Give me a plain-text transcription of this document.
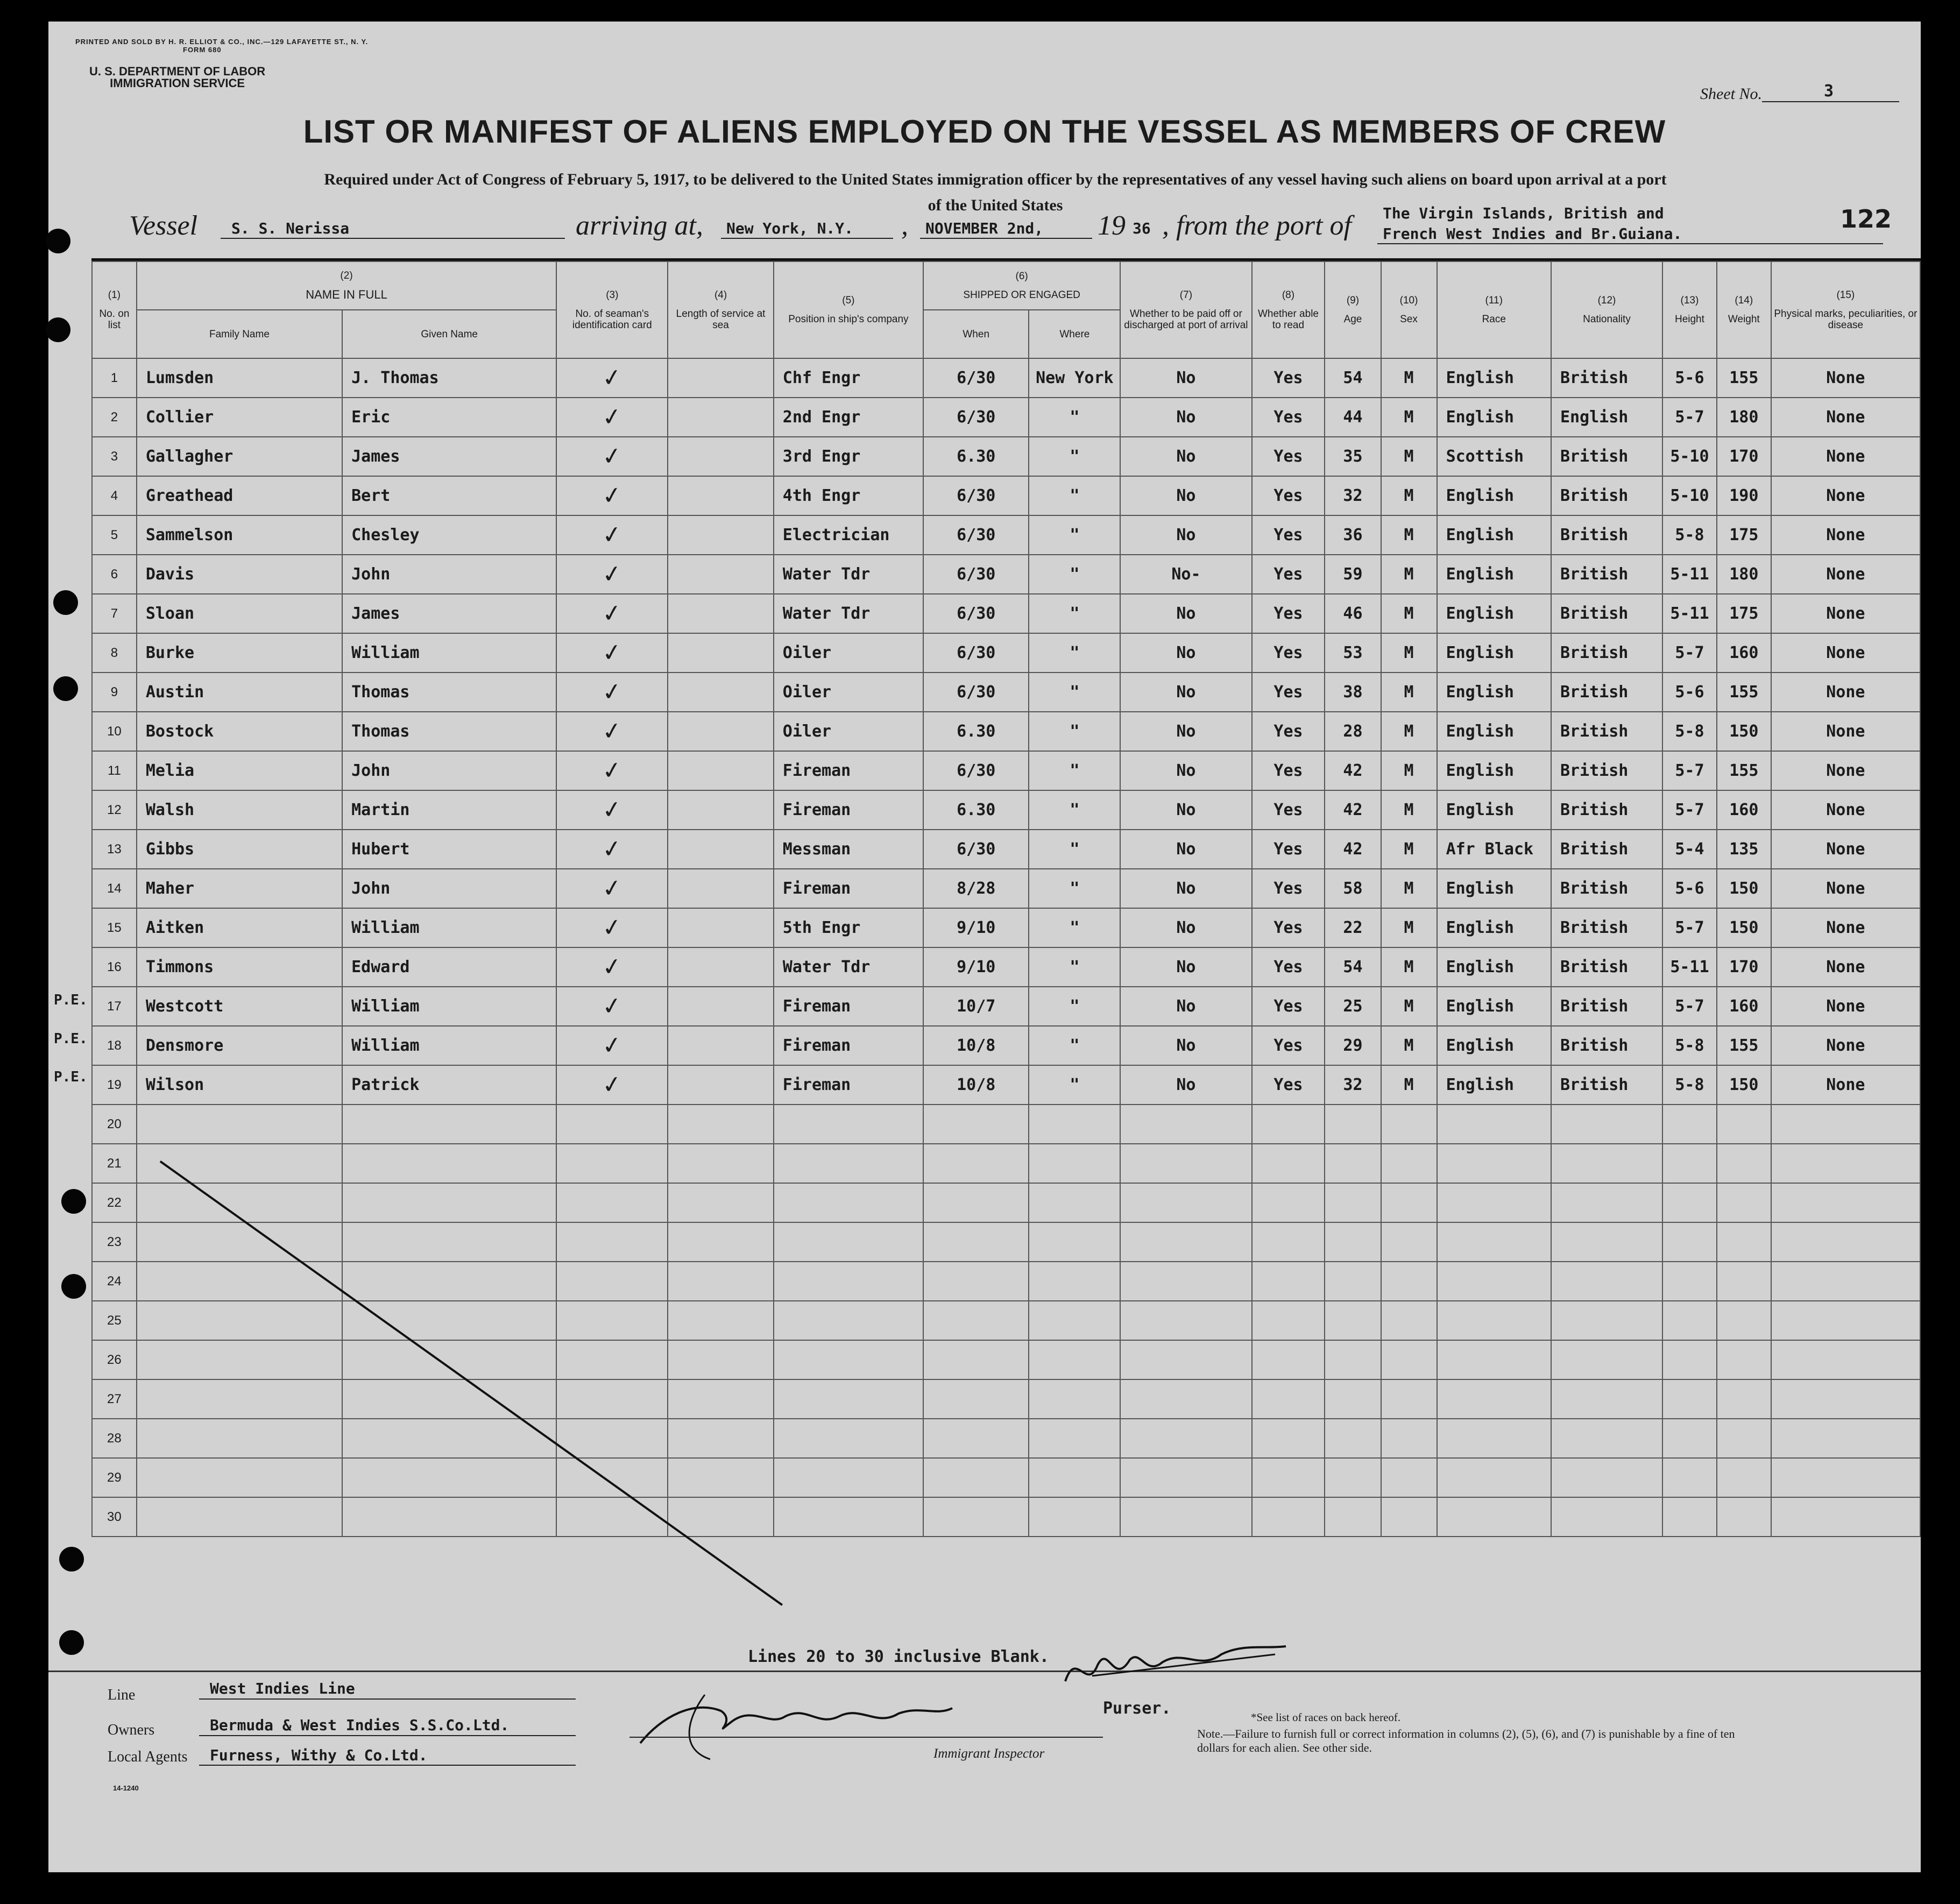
PRINTED AND SOLD BY H. R. ELLIOT & CO., INC.—129 LAFAYETTE ST., N. Y.
FORM 680
U. S. DEPARTMENT OF LABOR
IMMIGRATION SERVICE
Sheet No.	3
LIST OR MANIFEST OF ALIENS EMPLOYED ON THE VESSEL AS MEMBERS OF CREW
Required under Act of Congress of February 5, 1917, to be delivered to the United States immigration officer by the representatives of any vessel having such aliens on board upon arrival at a port
of the United States	122
Vessel S. S. Nerissa	arriving at, New York, N.Y. , NOVEMBER 2nd, 19 36 , from the port of The Virgin Islands, British and
French West Indies and Br.Guiana.
(1)
No. on list	(2)
NAME IN FULL		(3)
No. of seaman's identification card	(4)
Length of service at sea	(5)
Position in ship's company	(6)
SHIPPED OR ENGAGED		(7)
Whether to be paid off or discharged at port of arrival	(8)
Whether able to read	(9)
Age	(10)
Sex	(11)
Race	(12)
Nationality	(13)
Height	(14)
Weight	(15)
Physical marks, peculiarities, or disease
	Family Name	Given Name				When	Where									
1	Lumsden	J. Thomas	✓		Chf Engr	6/30	New York	No	Yes	54	M	English	British	5-6	155	None
2	Collier	Eric	✓		2nd Engr	6/30	"	No	Yes	44	M	English	English	5-7	180	None
3	Gallagher	James	✓		3rd Engr	6.30	"	No	Yes	35	M	Scottish	British	5-10	170	None
4	Greathead	Bert	✓		4th Engr	6/30	"	No	Yes	32	M	English	British	5-10	190	None
5	Sammelson	Chesley	✓		Electrician	6/30	"	No	Yes	36	M	English	British	5-8	175	None
6	Davis	John	✓		Water Tdr	6/30	"	No-	Yes	59	M	English	British	5-11	180	None
7	Sloan	James	✓		Water Tdr	6/30	"	No	Yes	46	M	English	British	5-11	175	None
8	Burke	William	✓		Oiler	6/30	"	No	Yes	53	M	English	British	5-7	160	None
9	Austin	Thomas	✓		Oiler	6/30	"	No	Yes	38	M	English	British	5-6	155	None
10	Bostock	Thomas	✓		Oiler	6.30	"	No	Yes	28	M	English	British	5-8	150	None
11	Melia	John	✓		Fireman	6/30	"	No	Yes	42	M	English	British	5-7	155	None
12	Walsh	Martin	✓		Fireman	6.30	"	No	Yes	42	M	English	British	5-7	160	None
13	Gibbs	Hubert	✓		Messman	6/30	"	No	Yes	42	M	Afr Black	British	5-4	135	None
14	Maher	John	✓		Fireman	8/28	"	No	Yes	58	M	English	British	5-6	150	None
15	Aitken	William	✓		5th Engr	9/10	"	No	Yes	22	M	English	British	5-7	150	None
16	Timmons	Edward	✓		Water Tdr	9/10	"	No	Yes	54	M	English	British	5-11	170	None
17	Westcott	William	✓		Fireman	10/7	"	No	Yes	25	M	English	British	5-7	160	None
18	Densmore	William	✓		Fireman	10/8	"	No	Yes	29	M	English	British	5-8	155	None
19	Wilson	Patrick	✓		Fireman	10/8	"	No	Yes	32	M	English	British	5-8	150	None
20																
21																
22																
23																
24																
25																
26																
27																
28																
29																
30																
P.E.
P.E.
P.E.
Lines 20 to 30 inclusive Blank.
Line	West Indies Line
Owners	Bermuda & West Indies S.S.Co.Ltd.
Local Agents Furness, Withy & Co.Ltd.
Purser.
Immigrant Inspector
*See list of races on back hereof.
Note.—Failure to furnish full or correct information in columns (2), (5), (6), and (7) is punishable by a fine of ten dollars for each alien. See other side.
14-1240
